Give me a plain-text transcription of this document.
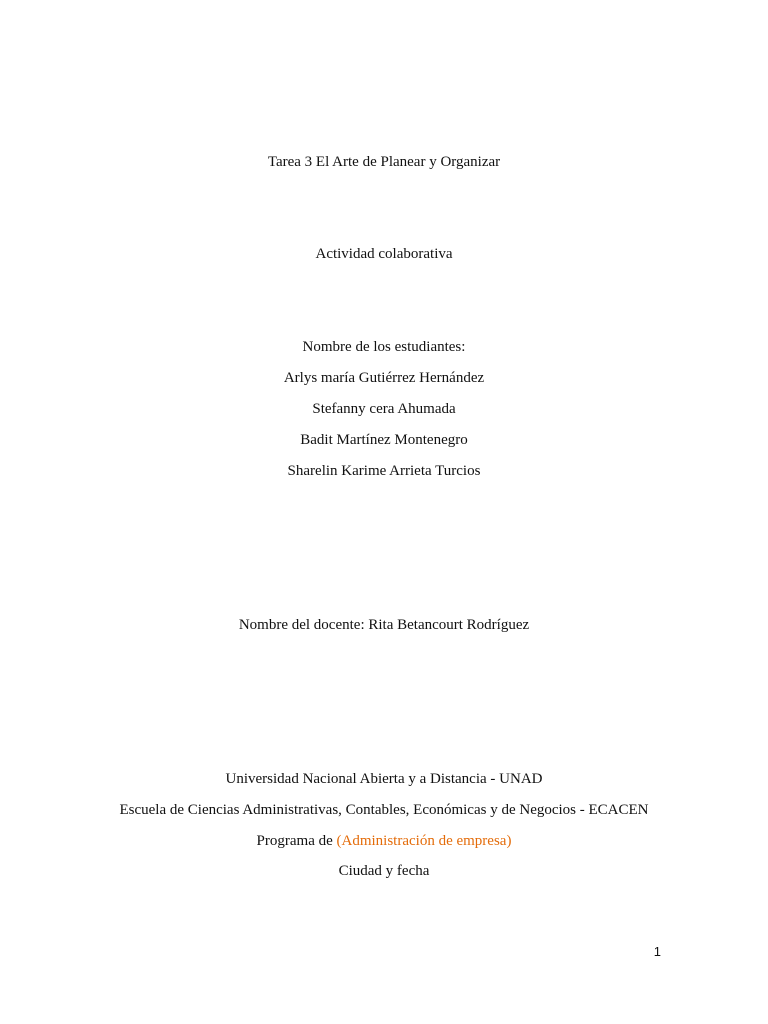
Tarea 3 El Arte de Planear y Organizar
Actividad colaborativa
Nombre de los estudiantes:
Arlys maría Gutiérrez Hernández
Stefanny cera Ahumada
Badit Martínez Montenegro
Sharelin Karime Arrieta Turcios
Nombre del docente: Rita Betancourt Rodríguez
Universidad Nacional Abierta y a Distancia - UNAD
Escuela de Ciencias Administrativas, Contables, Económicas y de Negocios - ECACEN
Programa de (Administración de empresa)
Ciudad y fecha
1
